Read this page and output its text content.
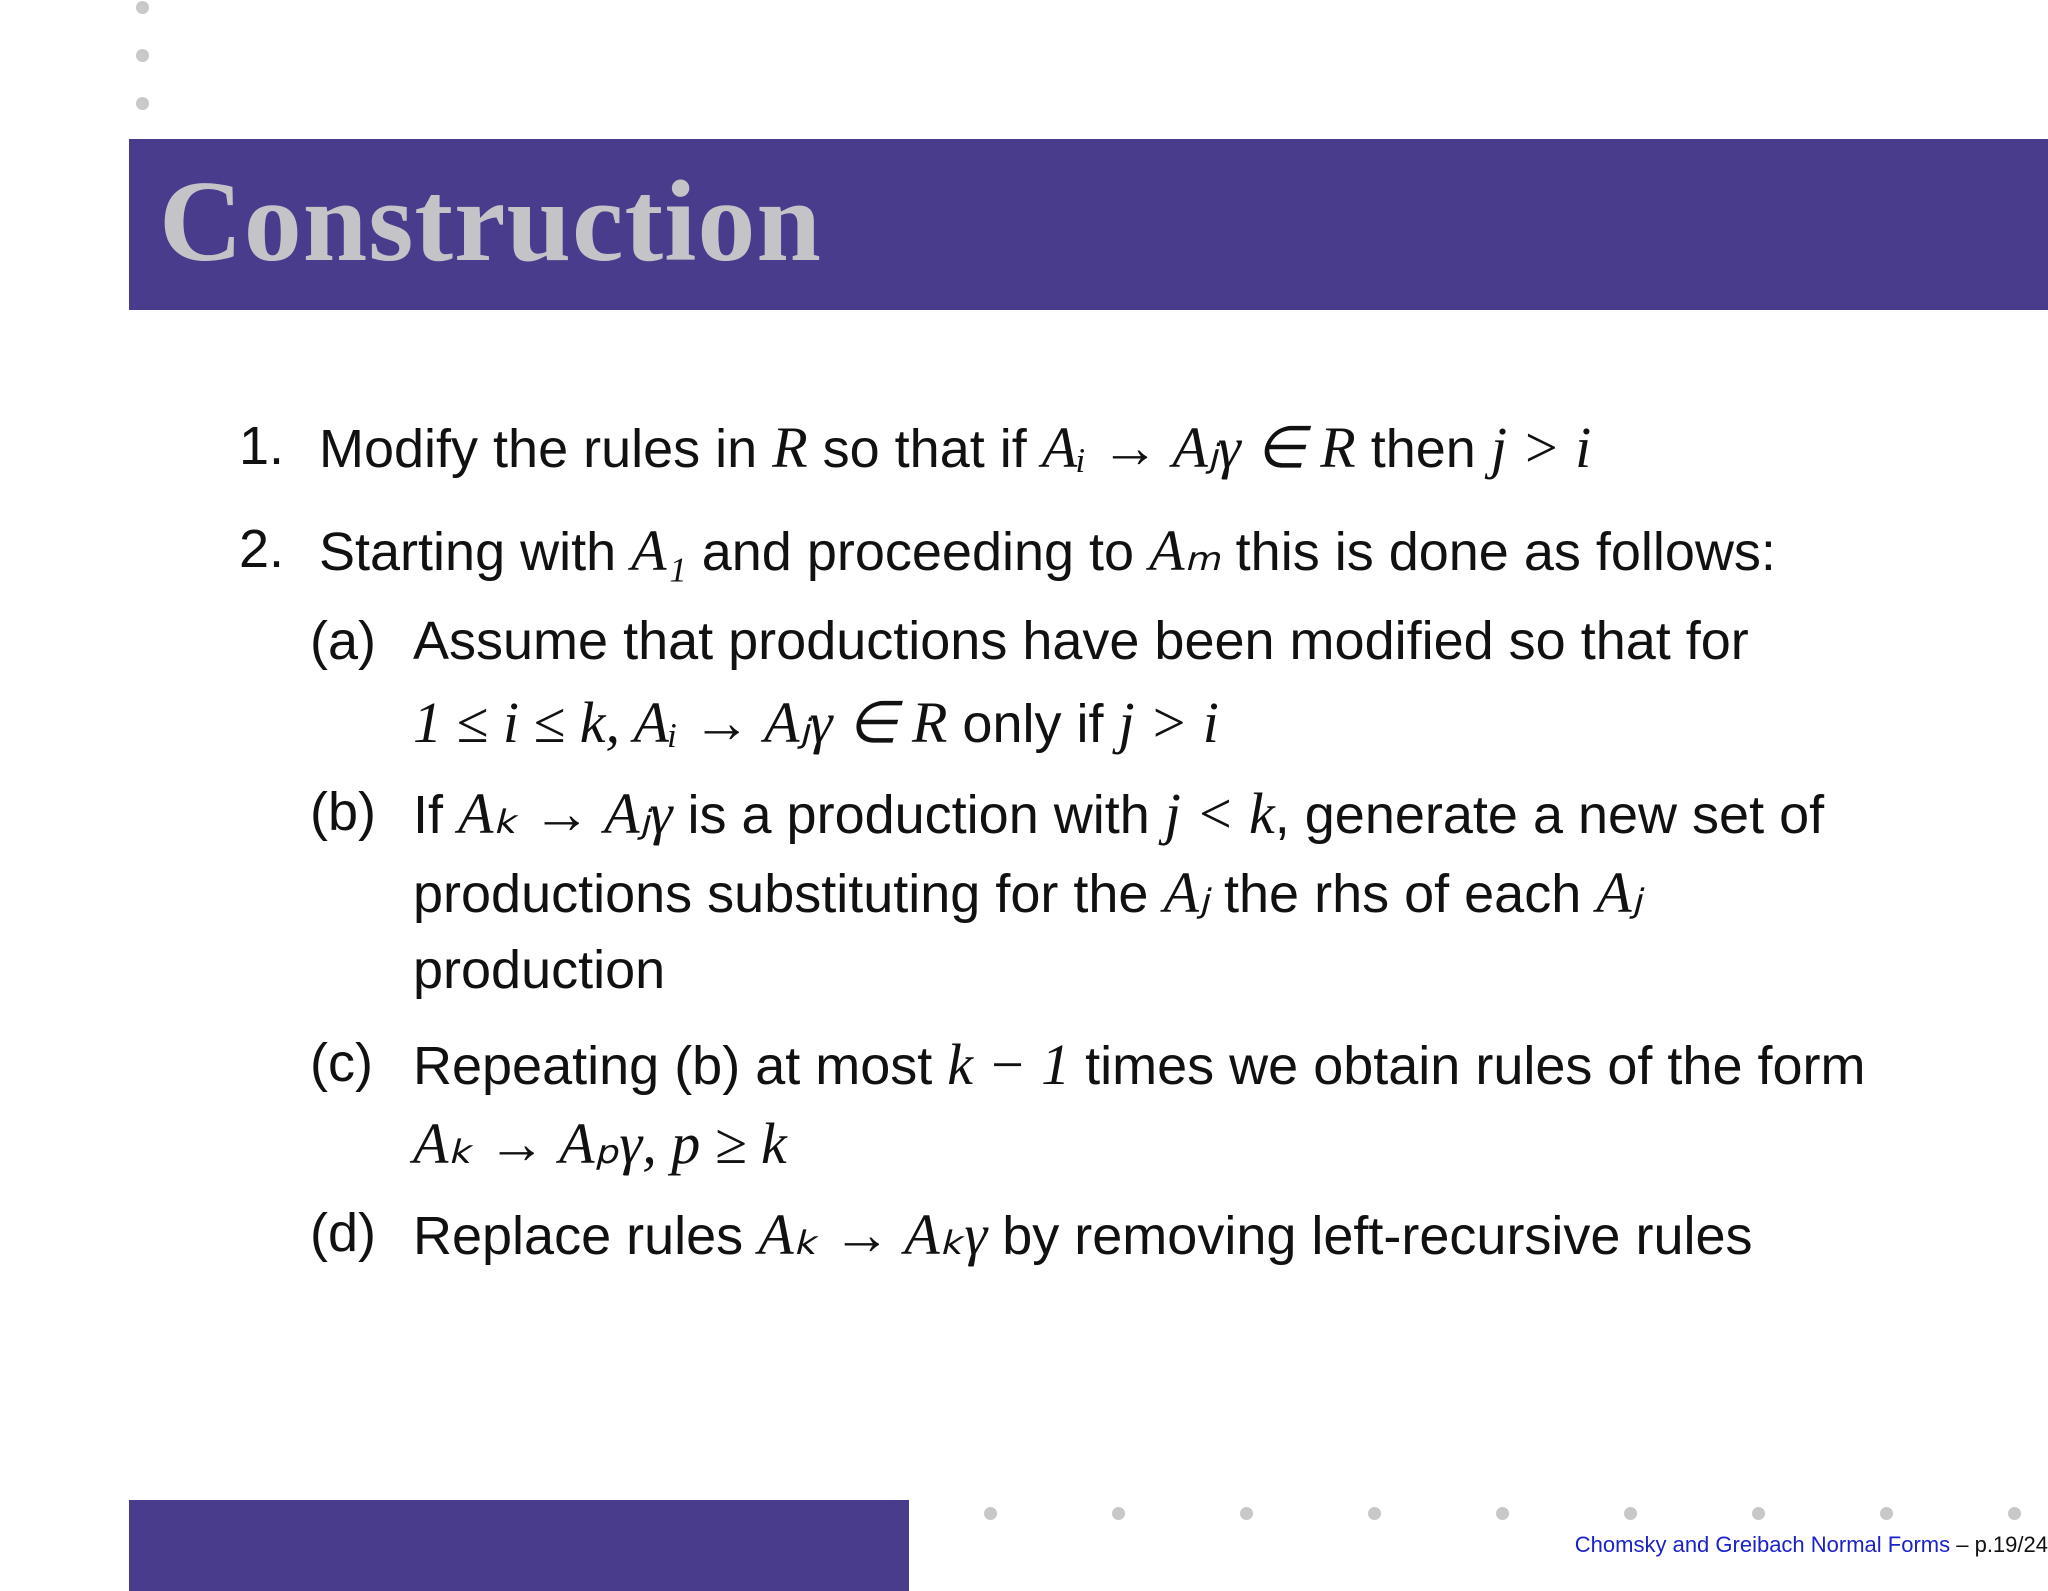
Construction
1. Modify the rules in R so that if Aᵢ → Aⱼγ ∈ R then j > i
2. Starting with A₁ and proceeding to Aₘ this is done as follows:
(a) Assume that productions have been modified so that for
1 ≤ i ≤ k, Aᵢ → Aⱼγ ∈ R only if j > i
(b) If Aₖ → Aⱼγ is a production with j < k, generate a new set of
productions substituting for the Aⱼ the rhs of each Aⱼ
production
(c) Repeating (b) at most k − 1 times we obtain rules of the form
Aₖ → Aₚγ, p ≥ k
(d) Replace rules Aₖ → Aₖγ by removing left-recursive rules
Chomsky and Greibach Normal Forms – p.19/24
